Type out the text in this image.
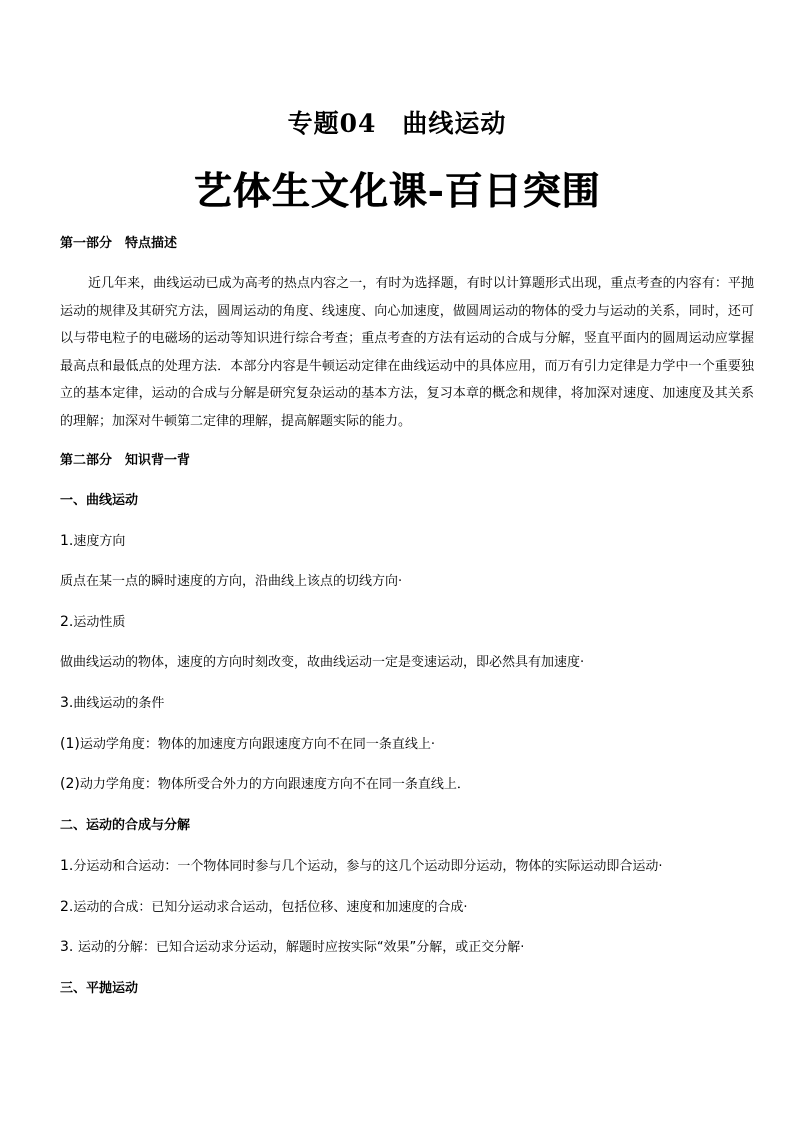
专题04　曲线运动
艺体生文化课-百日突围
第一部分　特点描述
近几年来，曲线运动已成为高考的热点内容之一，有时为选择题，有时以计算题形式出现，重点考查的内容有：平抛运动的规律及其研究方法，圆周运动的角度、线速度、向心加速度，做圆周运动的物体的受力与运动的关系，同时，还可以与带电粒子的电磁场的运动等知识进行综合考查；重点考查的方法有运动的合成与分解，竖直平面内的圆周运动应掌握最高点和最低点的处理方法．本部分内容是牛顿运动定律在曲线运动中的具体应用，而万有引力定律是力学中一个重要独立的基本定律，运动的合成与分解是研究复杂运动的基本方法，复习本章的概念和规律，将加深对速度、加速度及其关系的理解；加深对牛顿第二定律的理解，提高解题实际的能力。
第二部分　知识背一背
一、曲线运动
1.速度方向
质点在某一点的瞬时速度的方向，沿曲线上该点的切线方向·
2.运动性质
做曲线运动的物体，速度的方向时刻改变，故曲线运动一定是变速运动，即必然具有加速度·
3.曲线运动的条件
(1)运动学角度：物体的加速度方向跟速度方向不在同一条直线上·
(2)动力学角度：物体所受合外力的方向跟速度方向不在同一条直线上．
二、运动的合成与分解
1.分运动和合运动：一个物体同时参与几个运动，参与的这几个运动即分运动，物体的实际运动即合运动·
2.运动的合成：已知分运动求合运动，包括位移、速度和加速度的合成·
3. 运动的分解：已知合运动求分运动，解题时应按实际“效果”分解，或正交分解·
三、平抛运动
